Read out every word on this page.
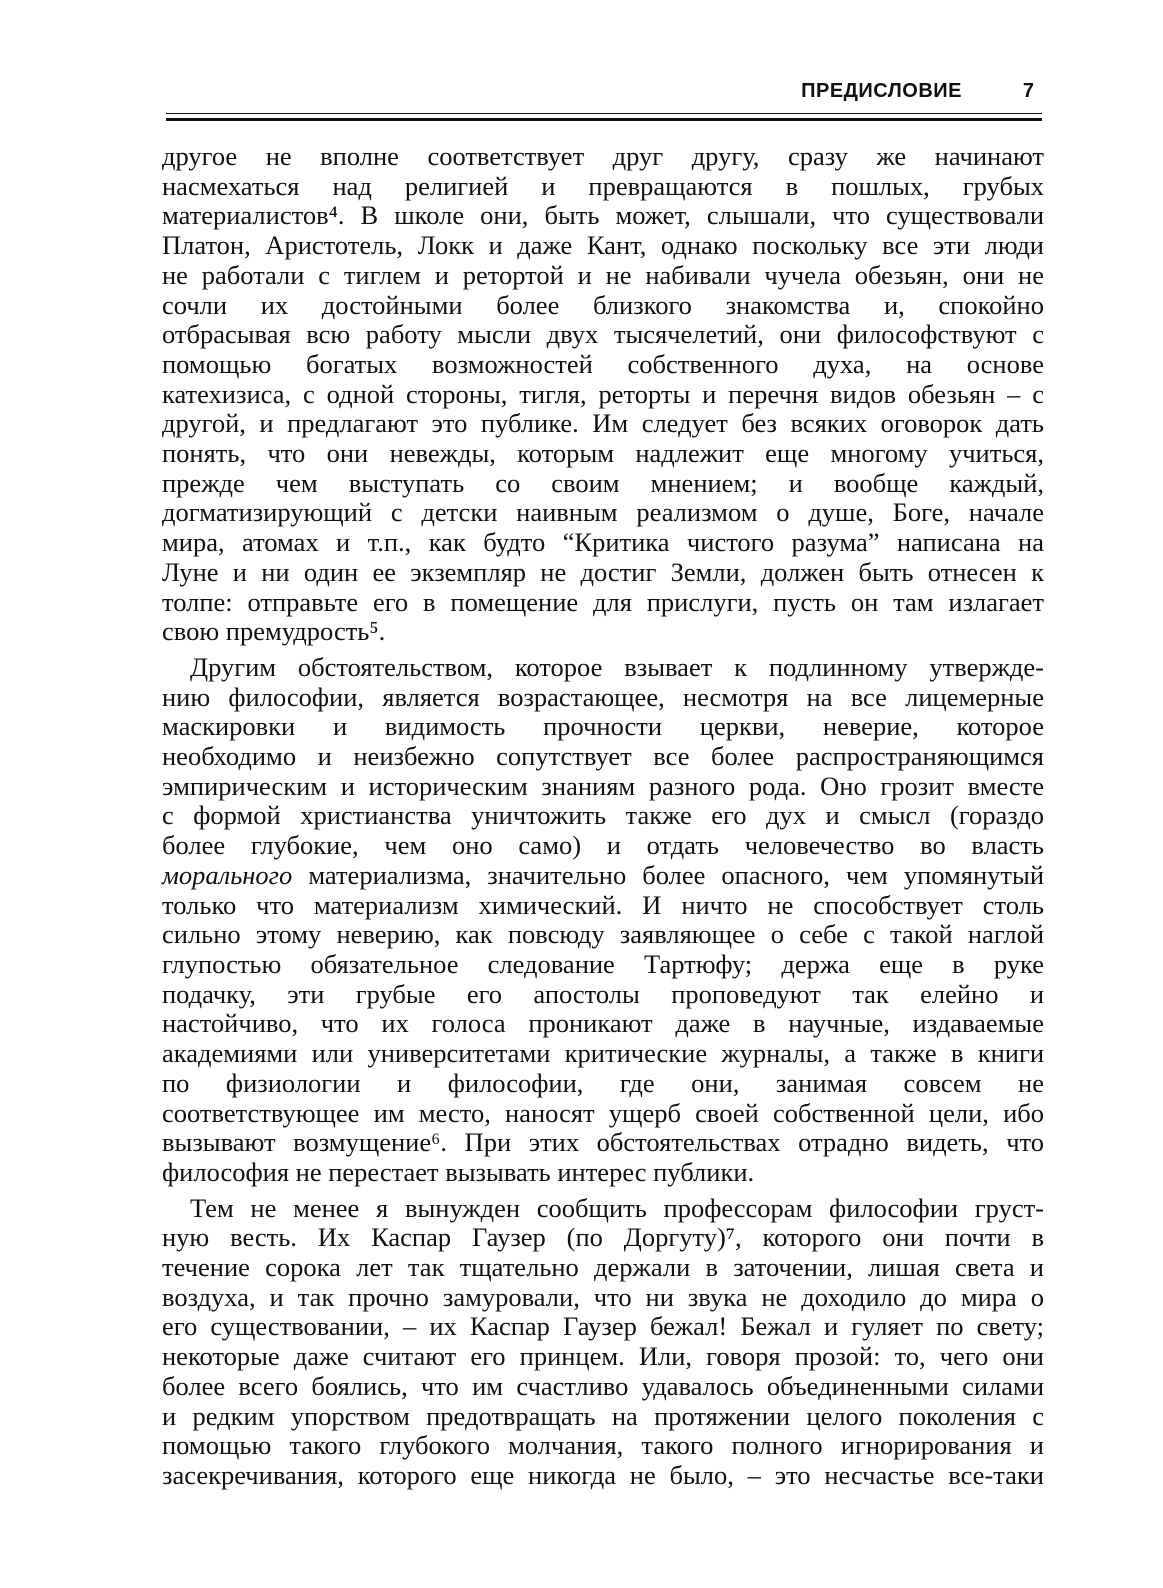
ПРЕДИСЛОВИЕ	7
другое не вполне соответствует друг другу, сразу же начинают
насмехаться над религией и превращаются в пошлых, грубых
материалистов⁴. В школе они, быть может, слышали, что существовали
Платон, Аристотель, Локк и даже Кант, однако поскольку все эти люди
не работали с тиглем и ретортой и не набивали чучела обезьян, они не
сочли их достойными более близкого знакомства и, спокойно
отбрасывая всю работу мысли двух тысячелетий, они философствуют с
помощью богатых возможностей собственного духа, на основе
катехизиса, с одной стороны, тигля, реторты и перечня видов обезьян – с
другой, и предлагают это публике. Им следует без всяких оговорок дать
понять, что они невежды, которым надлежит еще многому учиться,
прежде чем выступать со своим мнением; и вообще каждый,
догматизирующий с детски наивным реализмом о душе, Боге, начале
мира, атомах и т.п., как будто “Критика чистого разума” написана на
Луне и ни один ее экземпляр не достиг Земли, должен быть отнесен к
толпе: отправьте его в помещение для прислуги, пусть он там излагает
свою премудрость⁵.
Другим обстоятельством, которое взывает к подлинному утвержде-
нию философии, является возрастающее, несмотря на все лицемерные
маскировки и видимость прочности церкви, неверие, которое
необходимо и неизбежно сопутствует все более распространяющимся
эмпирическим и историческим знаниям разного рода. Оно грозит вместе
с формой христианства уничтожить также его дух и смысл (гораздо
более глубокие, чем оно само) и отдать человечество во власть
морального материализма, значительно более опасного, чем упомянутый
только что материализм химический. И ничто не способствует столь
сильно этому неверию, как повсюду заявляющее о себе с такой наглой
глупостью обязательное следование Тартюфу; держа еще в руке
подачку, эти грубые его апостолы проповедуют так елейно и
настойчиво, что их голоса проникают даже в научные, издаваемые
академиями или университетами критические журналы, а также в книги
по физиологии и философии, где они, занимая совсем не
соответствующее им место, наносят ущерб своей собственной цели, ибо
вызывают возмущение⁶. При этих обстоятельствах отрадно видеть, что
философия не перестает вызывать интерес публики.
Тем не менее я вынужден сообщить профессорам философии груст-
ную весть. Их Каспар Гаузер (по Доргуту)⁷, которого они почти в
течение сорока лет так тщательно держали в заточении, лишая света и
воздуха, и так прочно замуровали, что ни звука не доходило до мира о
его существовании, – их Каспар Гаузер бежал! Бежал и гуляет по свету;
некоторые даже считают его принцем. Или, говоря прозой: то, чего они
более всего боялись, что им счастливо удавалось объединенными силами
и редким упорством предотвращать на протяжении целого поколения с
помощью такого глубокого молчания, такого полного игнорирования и
засекречивания, которого еще никогда не было, – это несчастье все-таки
